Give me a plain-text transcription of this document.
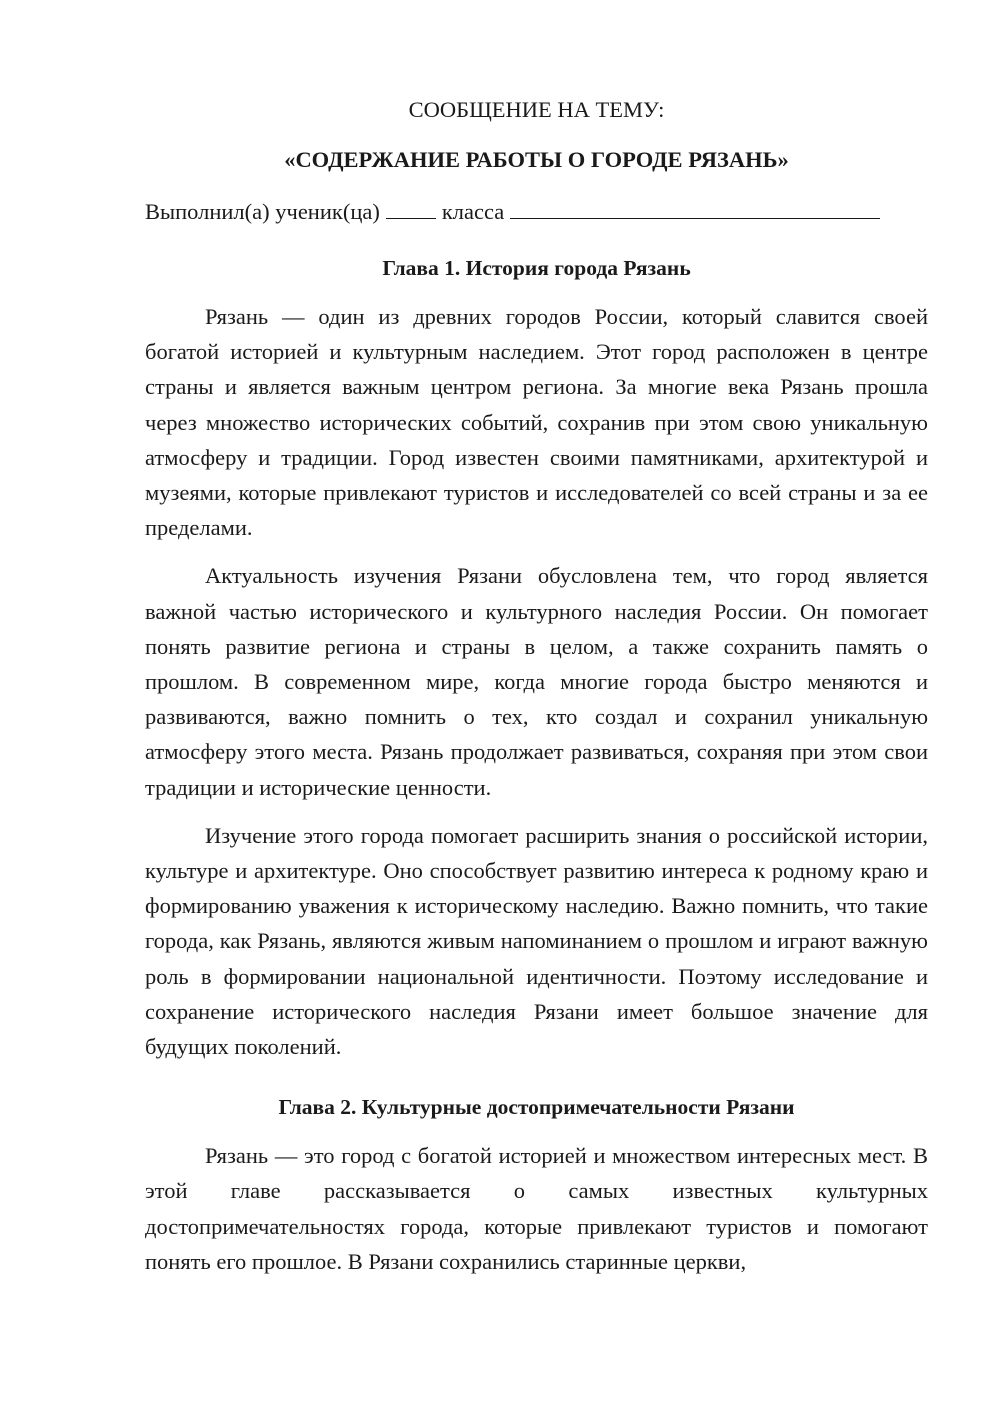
СООБЩЕНИЕ НА ТЕМУ:

«СОДЕРЖАНИЕ РАБОТЫ О ГОРОДЕ РЯЗАНЬ»

Выполнил(а) ученик(ца)	класса
Глава 1. История города Рязань

Рязань — один из древних городов России, который славится своей богатой историей и культурным наследием. Этот город расположен в центре страны и является важным центром региона. За многие века Рязань прошла через множество исторических событий, сохранив при этом свою уникальную атмосферу и традиции. Город известен своими памятниками, архитектурой и музеями, которые привлекают туристов и исследователей со всей страны и за ее пределами.

Актуальность изучения Рязани обусловлена тем, что город является важной частью исторического и культурного наследия России. Он помогает понять развитие региона и страны в целом, а также сохранить память о прошлом. В современном мире, когда многие города быстро меняются и развиваются, важно помнить о тех, кто создал и сохранил уникальную атмосферу этого места. Рязань продолжает развиваться, сохраняя при этом свои традиции и исторические ценности.

Изучение этого города помогает расширить знания о российской истории, культуре и архитектуре. Оно способствует развитию интереса к родному краю и формированию уважения к историческому наследию. Важно помнить, что такие города, как Рязань, являются живым напоминанием о прошлом и играют важную роль в формировании национальной идентичности. Поэтому исследование и сохранение исторического наследия Рязани имеет большое значение для будущих поколений.

Глава 2. Культурные достопримечательности Рязани

Рязань — это город с богатой историей и множеством интересных мест. В этой главе рассказывается о самых известных культурных достопримечательностях города, которые привлекают туристов и помогают понять его прошлое. В Рязани сохранились старинные церкви,
